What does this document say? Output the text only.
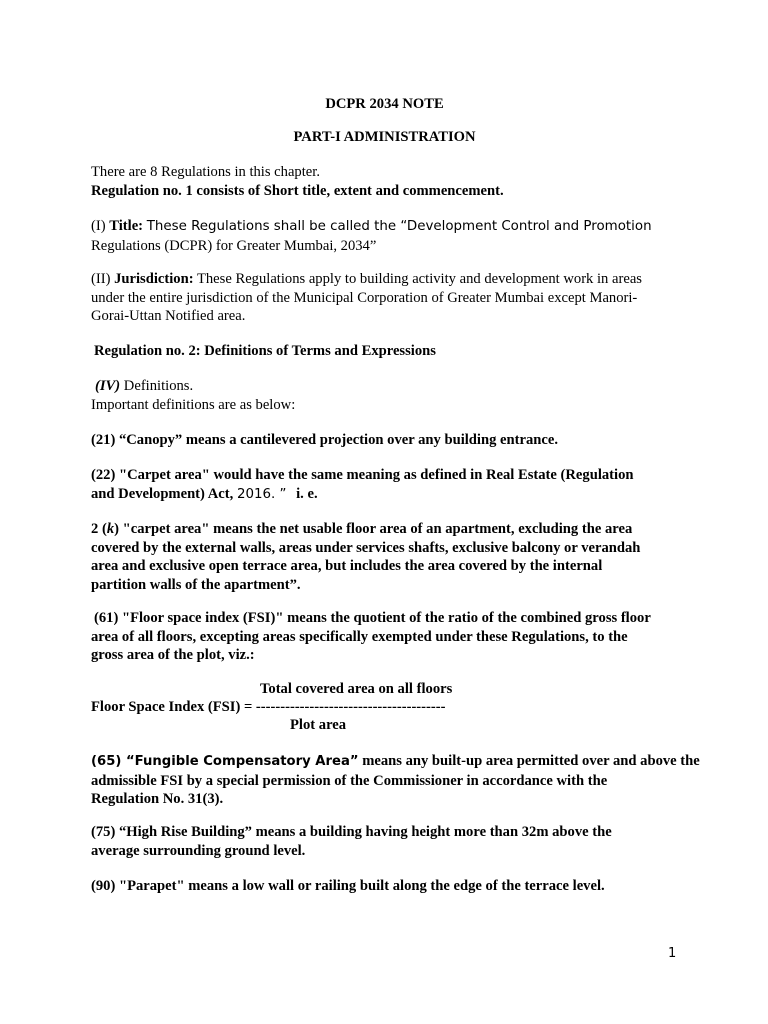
DCPR 2034 NOTE
PART-I ADMINISTRATION
There are 8 Regulations in this chapter.
Regulation no. 1 consists of Short title, extent and commencement.
(I) Title: These Regulations shall be called the “Development Control and Promotion
Regulations (DCPR) for Greater Mumbai, 2034”
(II) Jurisdiction: These Regulations apply to building activity and development work in areas
under the entire jurisdiction of the Municipal Corporation of Greater Mumbai except Manori-
Gorai-Uttan Notified area.
Regulation no. 2: Definitions of Terms and Expressions
(IV) Definitions.
Important definitions are as below:
(21) “Canopy” means a cantilevered projection over any building entrance.
(22) "Carpet area" would have the same meaning as defined in Real Estate (Regulation
and Development) Act, 2016. ” i. e.
2 (k) "carpet area" means the net usable floor area of an apartment, excluding the area
covered by the external walls, areas under services shafts, exclusive balcony or verandah
area and exclusive open terrace area, but includes the area covered by the internal
partition walls of the apartment”.
(61) "Floor space index (FSI)" means the quotient of the ratio of the combined gross floor
area of all floors, excepting areas specifically exempted under these Regulations, to the
gross area of the plot, viz.:
Total covered area on all floors
Floor Space Index (FSI) = ---------------------------------------
Plot area
(65) “Fungible Compensatory Area” means any built-up area permitted over and above the
admissible FSI by a special permission of the Commissioner in accordance with the
Regulation No. 31(3).
(75) “High Rise Building” means a building having height more than 32m above the
average surrounding ground level.
(90) "Parapet" means a low wall or railing built along the edge of the terrace level.
1
